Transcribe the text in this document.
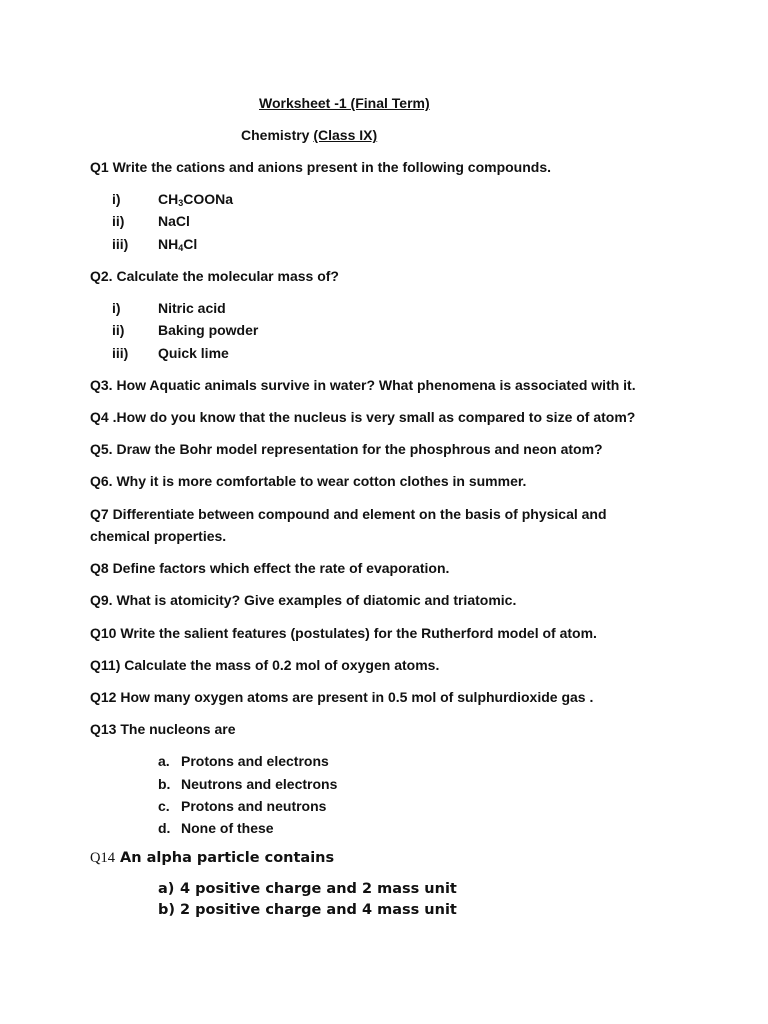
Worksheet -1 (Final Term)
Chemistry (Class IX)
Q1 Write the cations and anions present in the following compounds.
i)	$CH_3COONa$
ii) NaCl
iii) $NH_4Cl$
Q2. Calculate the molecular mass of?
i)	Nitric acid
ii) Baking powder
iii) Quick lime
Q3. How Aquatic animals survive in water? What phenomena is associated with it.
Q4 .How do you know that the nucleus is very small as compared to size of atom?
Q5. Draw the Bohr model representation for the phosphrous and neon atom?
Q6. Why it is more comfortable to wear cotton clothes in summer.
Q7 Differentiate between compound and element on the basis of physical and
chemical properties.
Q8 Define factors which effect the rate of evaporation.
Q9. What is atomicity? Give examples of diatomic and triatomic.
Q10 Write the salient features (postulates) for the Rutherford model of atom.
Q11) Calculate the mass of 0.2 mol of oxygen atoms.
Q12 How many oxygen atoms are present in 0.5 mol of sulphurdioxide gas .
Q13 The nucleons are
a. Protons and electrons
b. Neutrons and electrons
c. Protons and neutrons
d. None of these
Q14 An alpha particle contains
a) 4 positive charge and 2 mass unit
b) 2 positive charge and 4 mass unit
